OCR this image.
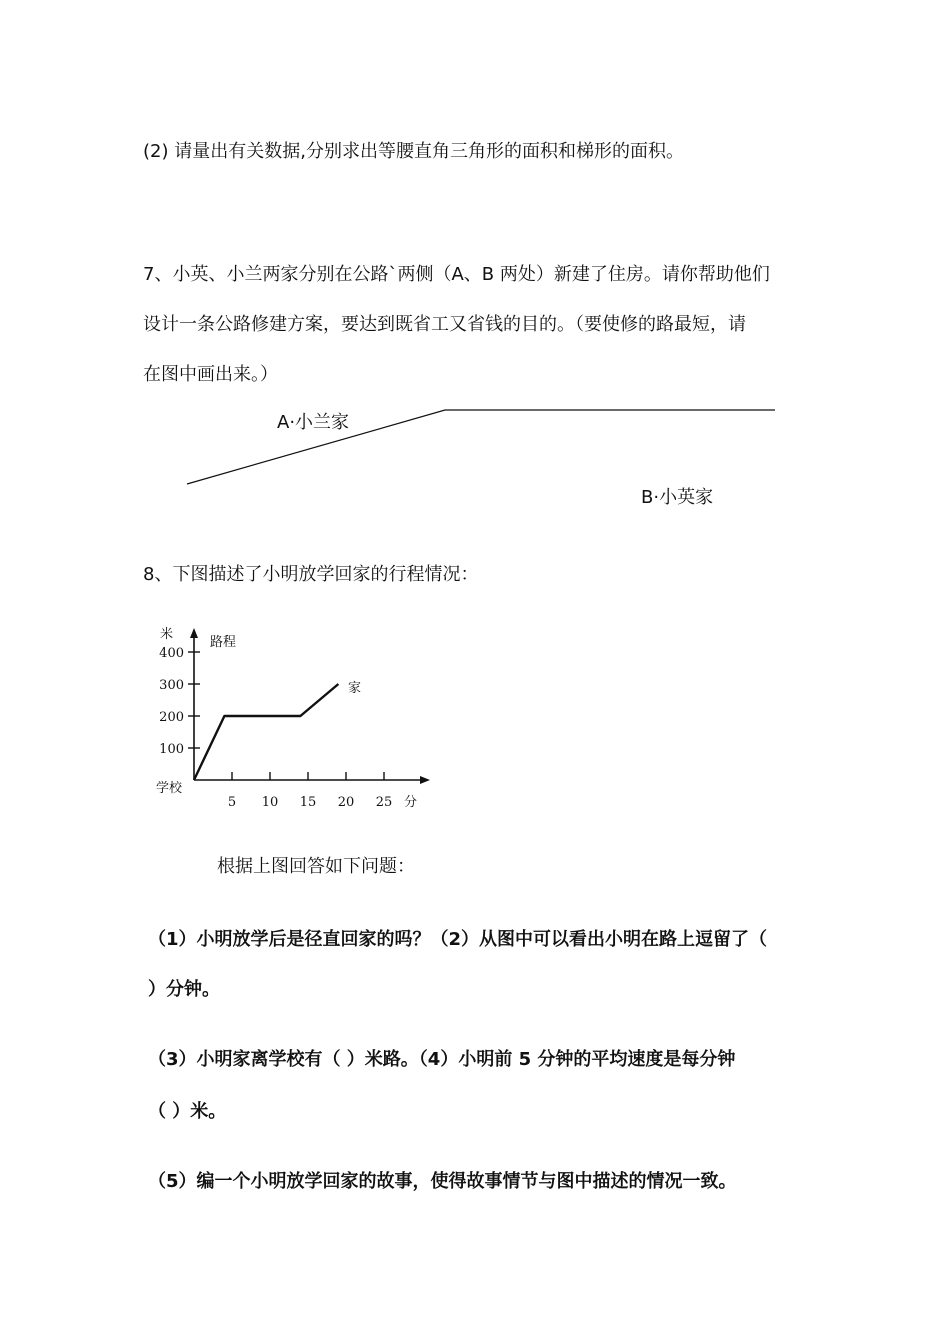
(2) 请量出有关数据,分别求出等腰直角三角形的面积和梯形的面积。
7、小英、小兰两家分别在公路`两侧（A、B 两处）新建了住房。请你帮助他们
设计一条公路修建方案，要达到既省工又省钱的目的。（要使修的路最短，请
在图中画出来。）
A·小兰家
B·小英家
8、下图描述了小明放学回家的行程情况：
5 10 15 20 25
100
200
300
400
米
路程
分
学校
家
根据上图回答如下问题：
（1）小明放学后是径直回家的吗？（2）从图中可以看出小明在路上逗留了（
）分钟。
（3）小明家离学校有（ ）米路。（4）小明前 5 分钟的平均速度是每分钟
（ ）米。
（5）编一个小明放学回家的故事，使得故事情节与图中描述的情况一致。
